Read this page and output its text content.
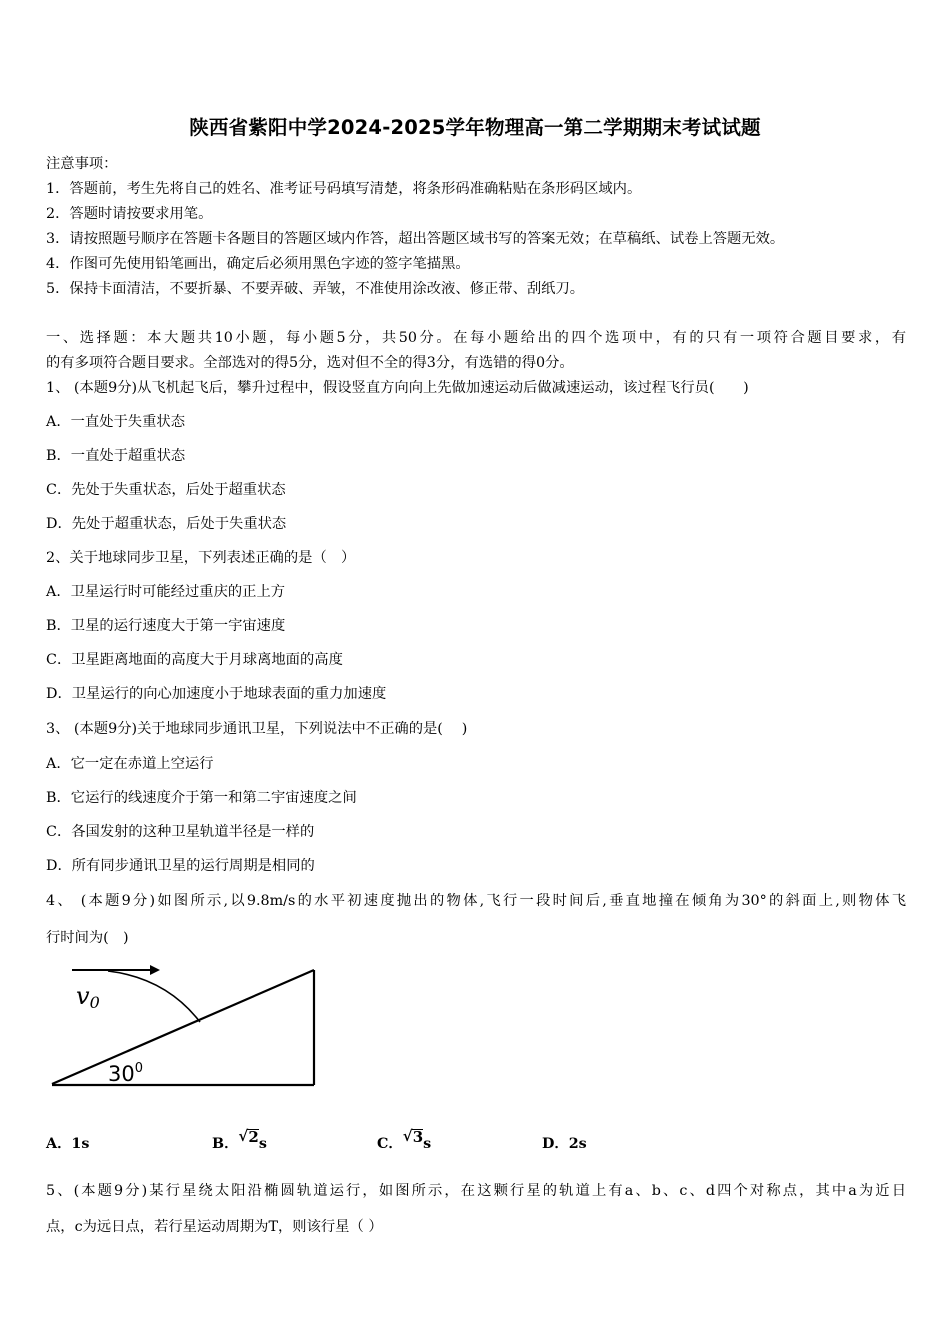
陕西省紫阳中学2024-2025学年物理高一第二学期期末考试试题
注意事项：
1．答题前，考生先将自己的姓名、准考证号码填写清楚，将条形码准确粘贴在条形码区域内。
2．答题时请按要求用笔。
3．请按照题号顺序在答题卡各题目的答题区域内作答，超出答题区域书写的答案无效；在草稿纸、试卷上答题无效。
4．作图可先使用铅笔画出，确定后必须用黑色字迹的签字笔描黑。
5．保持卡面清洁，不要折暴、不要弄破、弄皱，不准使用涂改液、修正带、刮纸刀。
一、选择题：本大题共10小题，每小题5分，共50分。在每小题给出的四个选项中，有的只有一项符合题目要求，有
的有多项符合题目要求。全部选对的得5分，选对但不全的得3分，有选错的得0分。
1、 (本题9分)从飞机起飞后，攀升过程中，假设竖直方向向上先做加速运动后做减速运动，该过程飞行员(　　)
A．一直处于失重状态
B．一直处于超重状态
C．先处于失重状态，后处于超重状态
D．先处于超重状态，后处于失重状态
2、关于地球同步卫星，下列表述正确的是（　）
A．卫星运行时可能经过重庆的正上方
B．卫星的运行速度大于第一宇宙速度
C．卫星距离地面的高度大于月球离地面的高度
D．卫星运行的向心加速度小于地球表面的重力加速度
3、 (本题9分)关于地球同步通讯卫星，下列说法中不正确的是(　 )
A．它一定在赤道上空运行
B．它运行的线速度介于第一和第二宇宙速度之间
C．各国发射的这种卫星轨道半径是一样的
D．所有同步通讯卫星的运行周期是相同的
4、 (本题9分)如图所示,以9.8m/s的水平初速度抛出的物体,飞行一段时间后,垂直地撞在倾角为30°的斜面上,则物体飞
行时间为(　)
v0
$30^0$
A．1s	B． √ 2s	C． √ 3s	D．2s
5、(本题9分)某行星绕太阳沿椭圆轨道运行，如图所示，在这颗行星的轨道上有a、b、c、d四个对称点，其中a为近日
点，c为远日点，若行星运动周期为T，则该行星（ ）
